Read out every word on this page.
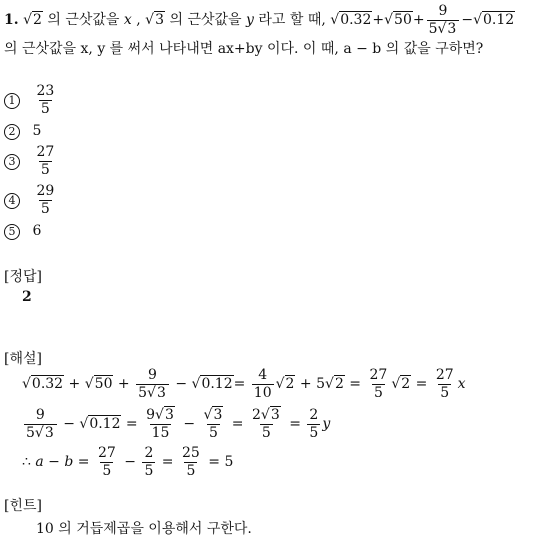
1. √2 의 근삿값을 x , √3 의 근삿값을 y 라고 할 때, $√0.32+√50+ \frac{9}{5√3} -√0.12$
의 근삿값을 x, y 를 써서 나타내면 ax+by 이다. 이 때, a − b 의 값을 구하면?
$1 \frac{23}{5}$
2 5
$3 \frac{27}{5}$
$4 \frac{29}{5}$
5 6
[정답]
2
[해설]
$√0.32 + √50 + \frac{9}{5√3} - √0.12= \frac{4}{10} √2 + 5√2 = \frac{27}{5} √2 = \frac{27}{5}$ x
$\frac{9}{5√3} - √0.12 = \frac{9√3}{15} - \frac{√3}{5} = \frac{2√3}{5} = \frac{2}{5}$ y
∴ $a - b = \frac{27}{5} - \frac{2}{5} = \frac{25}{5} = 5$
[힌트]
10 의 거듭제곱을 이용해서 구한다.
